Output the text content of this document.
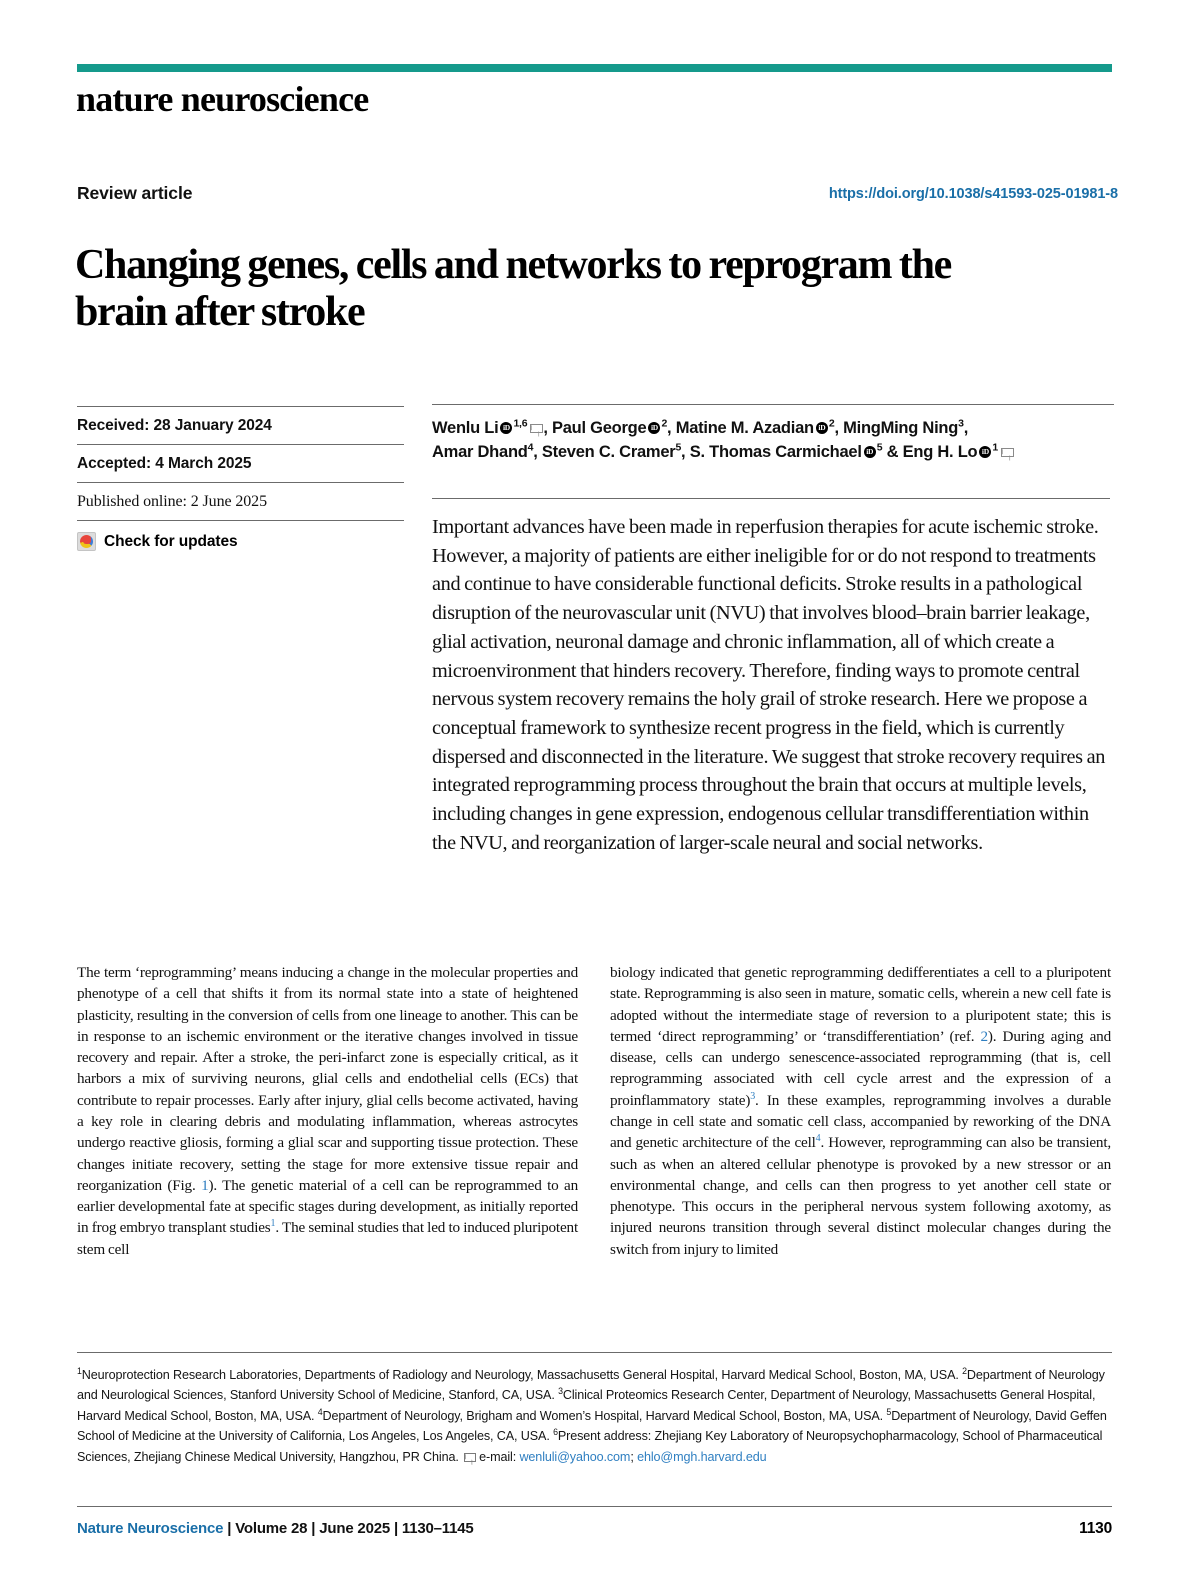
nature neuroscience
Review article	https://doi.org/10.1038/s41593-025-01981-8
Changing genes, cells and networks to reprogram the brain after stroke
Received: 28 January 2024
Accepted: 4 March 2025
Published online: 2 June 2025
Check for updates
Wenlu Li iD $^{1,6}$ , Paul George iD $^2$, Matine M. Azadian iD $^2$, MingMing Ning$^3$,
Amar Dhand$^4$, Steven C. Cramer$^5$, S. Thomas Carmichael iD $^5$ & Eng H. Lo iD $^1$
Important advances have been made in reperfusion therapies for acute ischemic stroke. However, a majority of patients are either ineligible for or do not respond to treatments and continue to have considerable functional deficits. Stroke results in a pathological disruption of the neurovascular unit (NVU) that involves blood–brain barrier leakage, glial activation, neuronal damage and chronic inflammation, all of which create a microenvironment that hinders recovery. Therefore, finding ways to promote central nervous system recovery remains the holy grail of stroke research. Here we propose a conceptual framework to synthesize recent progress in the field, which is currently dispersed and disconnected in the literature. We suggest that stroke recovery requires an integrated reprogramming process throughout the brain that occurs at multiple levels, including changes in gene expression, endogenous cellular transdifferentiation within the NVU, and reorganization of larger-scale neural and social networks.
The term ‘reprogramming’ means inducing a change in the molecular properties and phenotype of a cell that shifts it from its normal state into a state of heightened plasticity, resulting in the conversion of cells from one lineage to another. This can be in response to an ischemic environment or the iterative changes involved in tissue recovery and repair. After a stroke, the peri-infarct zone is especially critical, as it harbors a mix of surviving neurons, glial cells and endothelial cells (ECs) that contribute to repair processes. Early after injury, glial cells become activated, having a key role in clearing debris and modulating inflammation, whereas astrocytes undergo reactive gliosis, forming a glial scar and supporting tissue protection. These changes initiate recovery, setting the stage for more extensive tissue repair and reorganization (Fig. 1). The genetic material of a cell can be reprogrammed to an earlier developmental fate at specific stages during development, as initially reported in frog embryo transplant studies$^1$. The seminal studies that led to induced pluripotent stem cell
biology indicated that genetic reprogramming dedifferentiates a cell to a pluripotent state. Reprogramming is also seen in mature, somatic cells, wherein a new cell fate is adopted without the intermediate stage of reversion to a pluripotent state; this is termed ‘direct reprogramming’ or ‘transdifferentiation’ (ref. 2). During aging and disease, cells can undergo senescence-associated reprogramming (that is, cell reprogramming associated with cell cycle arrest and the expression of a proinflammatory state)$^3$. In these examples, reprogramming involves a durable change in cell state and somatic cell class, accompanied by reworking of the DNA and genetic architecture of the cell$^4$. However, reprogramming can also be transient, such as when an altered cellular phenotype is provoked by a new stressor or an environmental change, and cells can then progress to yet another cell state or phenotype. This occurs in the peripheral nervous system following axotomy, as injured neurons transition through several distinct molecular changes during the switch from injury to limited
$^1$Neuroprotection Research Laboratories, Departments of Radiology and Neurology, Massachusetts General Hospital, Harvard Medical School, Boston, MA, USA. $^2$Department of Neurology and Neurological Sciences, Stanford University School of Medicine, Stanford, CA, USA. $^3$Clinical Proteomics Research Center, Department of Neurology, Massachusetts General Hospital, Harvard Medical School, Boston, MA, USA. $^4$Department of Neurology, Brigham and Women’s Hospital, Harvard Medical School, Boston, MA, USA. $^5$Department of Neurology, David Geffen School of Medicine at the University of California, Los Angeles, Los Angeles, CA, USA. $^6$Present address: Zhejiang Key Laboratory of Neuropsychopharmacology, School of Pharmaceutical Sciences, Zhejiang Chinese Medical University, Hangzhou, PR China. e-mail: wenluli@yahoo.com; ehlo@mgh.harvard.edu
Nature Neuroscience | Volume 28 | June 2025 | 1130–1145	1130
